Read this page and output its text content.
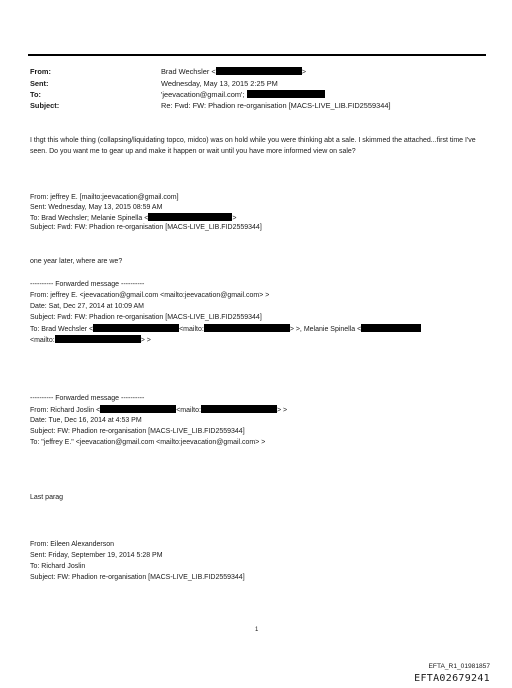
From:	Brad Wechsler <	>
Sent:	Wednesday, May 13, 2015 2:25 PM
To:	'jeevacation@gmail.com';
Subject:	Re: Fwd: FW: Phadion re-organisation [MACS-LIVE_LIB.FID2559344]
I thgt this whole thing (collapsing/liquidating topco, midco) was on hold while you were thinking abt a sale. I skimmed the attached...first time I've seen. Do you want me to gear up and make it happen or wait until you have more informed view on sale?
From: jeffrey E. [mailto:jeevacation@gmail.com]
Sent: Wednesday, May 13, 2015 08:59 AM
To: Brad Wechsler; Melanie Spinella <	>
Subject: Fwd: FW: Phadion re-organisation [MACS-LIVE_LIB.FID2559344]
one year later, where are we?
---------- Forwarded message ----------
From: jeffrey E. <jeevacation@gmail.com <mailto:jeevacation@gmail.com> >
Date: Sat, Dec 27, 2014 at 10:09 AM
Subject: Fwd: FW: Phadion re-organisation [MACS-LIVE_LIB.FID2559344]
To: Brad Wechsler <	<mailto:	> >, Melanie Spinella <
<mailto:	> >
---------- Forwarded message ----------
From: Richard Joslin <	<mailto:	> >
Date: Tue, Dec 16, 2014 at 4:53 PM
Subject: FW: Phadion re-organisation [MACS-LIVE_LIB.FID2559344]
To: "jeffrey E." <jeevacation@gmail.com <mailto:jeevacation@gmail.com> >
Last parag
From: Eileen Alexanderson
Sent: Friday, September 19, 2014 5:28 PM
To: Richard Joslin
Subject: FW: Phadion re-organisation [MACS-LIVE_LIB.FID2559344]
1
EFTA_R1_01981857
EFTA02679241
